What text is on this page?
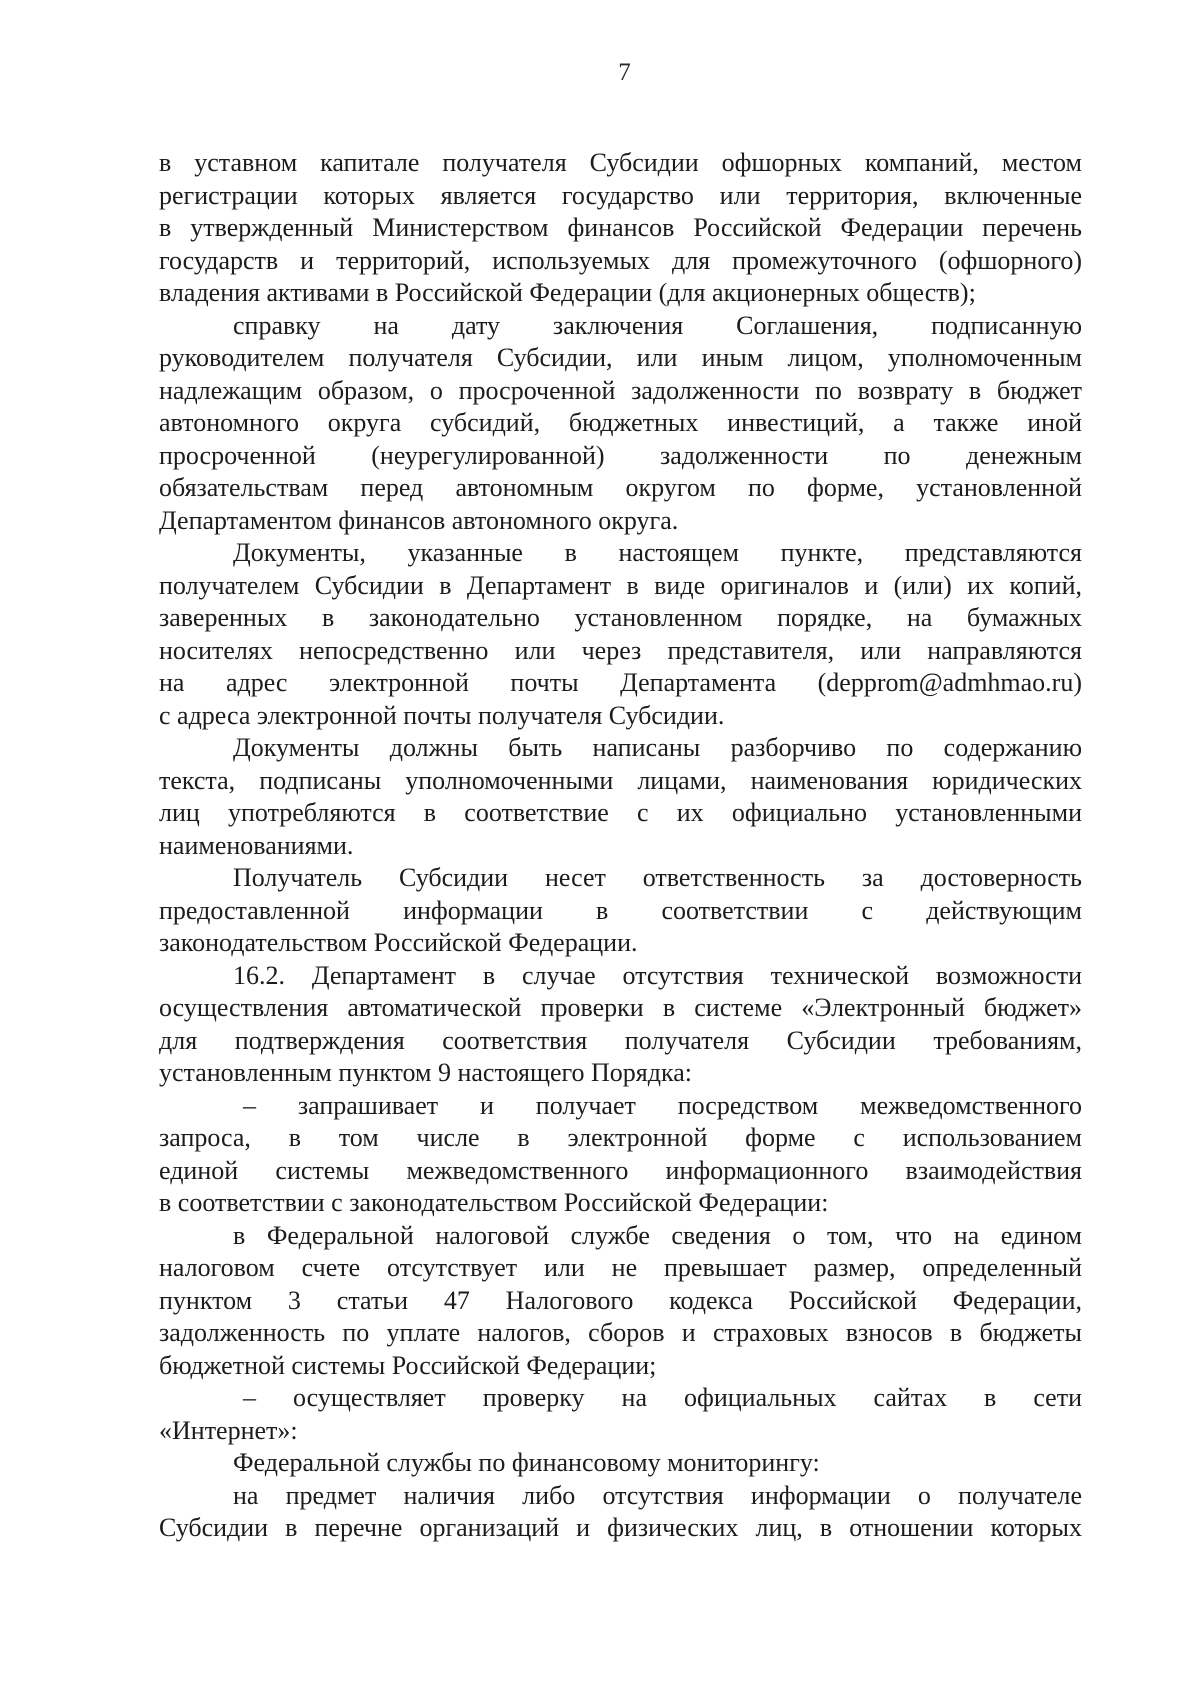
7
в уставном капитале получателя Субсидии офшорных компаний, местом
регистрации которых является государство или территория, включенные
в утвержденный Министерством финансов Российской Федерации перечень
государств и территорий, используемых для промежуточного (офшорного)
владения активами в Российской Федерации (для акционерных обществ);
справку на дату заключения Соглашения, подписанную
руководителем получателя Субсидии, или иным лицом, уполномоченным
надлежащим образом, о просроченной задолженности по возврату в бюджет
автономного округа субсидий, бюджетных инвестиций, а также иной
просроченной (неурегулированной) задолженности по денежным
обязательствам перед автономным округом по форме, установленной
Департаментом финансов автономного округа.
Документы, указанные в настоящем пункте, представляются
получателем Субсидии в Департамент в виде оригиналов и (или) их копий,
заверенных в законодательно установленном порядке, на бумажных
носителях непосредственно или через представителя, или направляются
на адрес электронной почты Департамента (depprom@admhmao.ru)
с адреса электронной почты получателя Субсидии.
Документы должны быть написаны разборчиво по содержанию
текста, подписаны уполномоченными лицами, наименования юридических
лиц употребляются в соответствие с их официально установленными
наименованиями.
Получатель Субсидии несет ответственность за достоверность
предоставленной информации в соответствии с действующим
законодательством Российской Федерации.
16.2. Департамент в случае отсутствия технической возможности
осуществления автоматической проверки в системе «Электронный бюджет»
для подтверждения соответствия получателя Субсидии требованиям,
установленным пунктом 9 настоящего Порядка:
– запрашивает и получает посредством межведомственного
запроса, в том числе в электронной форме с использованием
единой системы межведомственного информационного взаимодействия
в соответствии с законодательством Российской Федерации:
в Федеральной налоговой службе сведения о том, что на едином
налоговом счете отсутствует или не превышает размер, определенный
пунктом 3 статьи 47 Налогового кодекса Российской Федерации,
задолженность по уплате налогов, сборов и страховых взносов в бюджеты
бюджетной системы Российской Федерации;
– осуществляет проверку на официальных сайтах в сети
«Интернет»:
Федеральной службы по финансовому мониторингу:
на предмет наличия либо отсутствия информации о получателе
Субсидии в перечне организаций и физических лиц, в отношении которых
